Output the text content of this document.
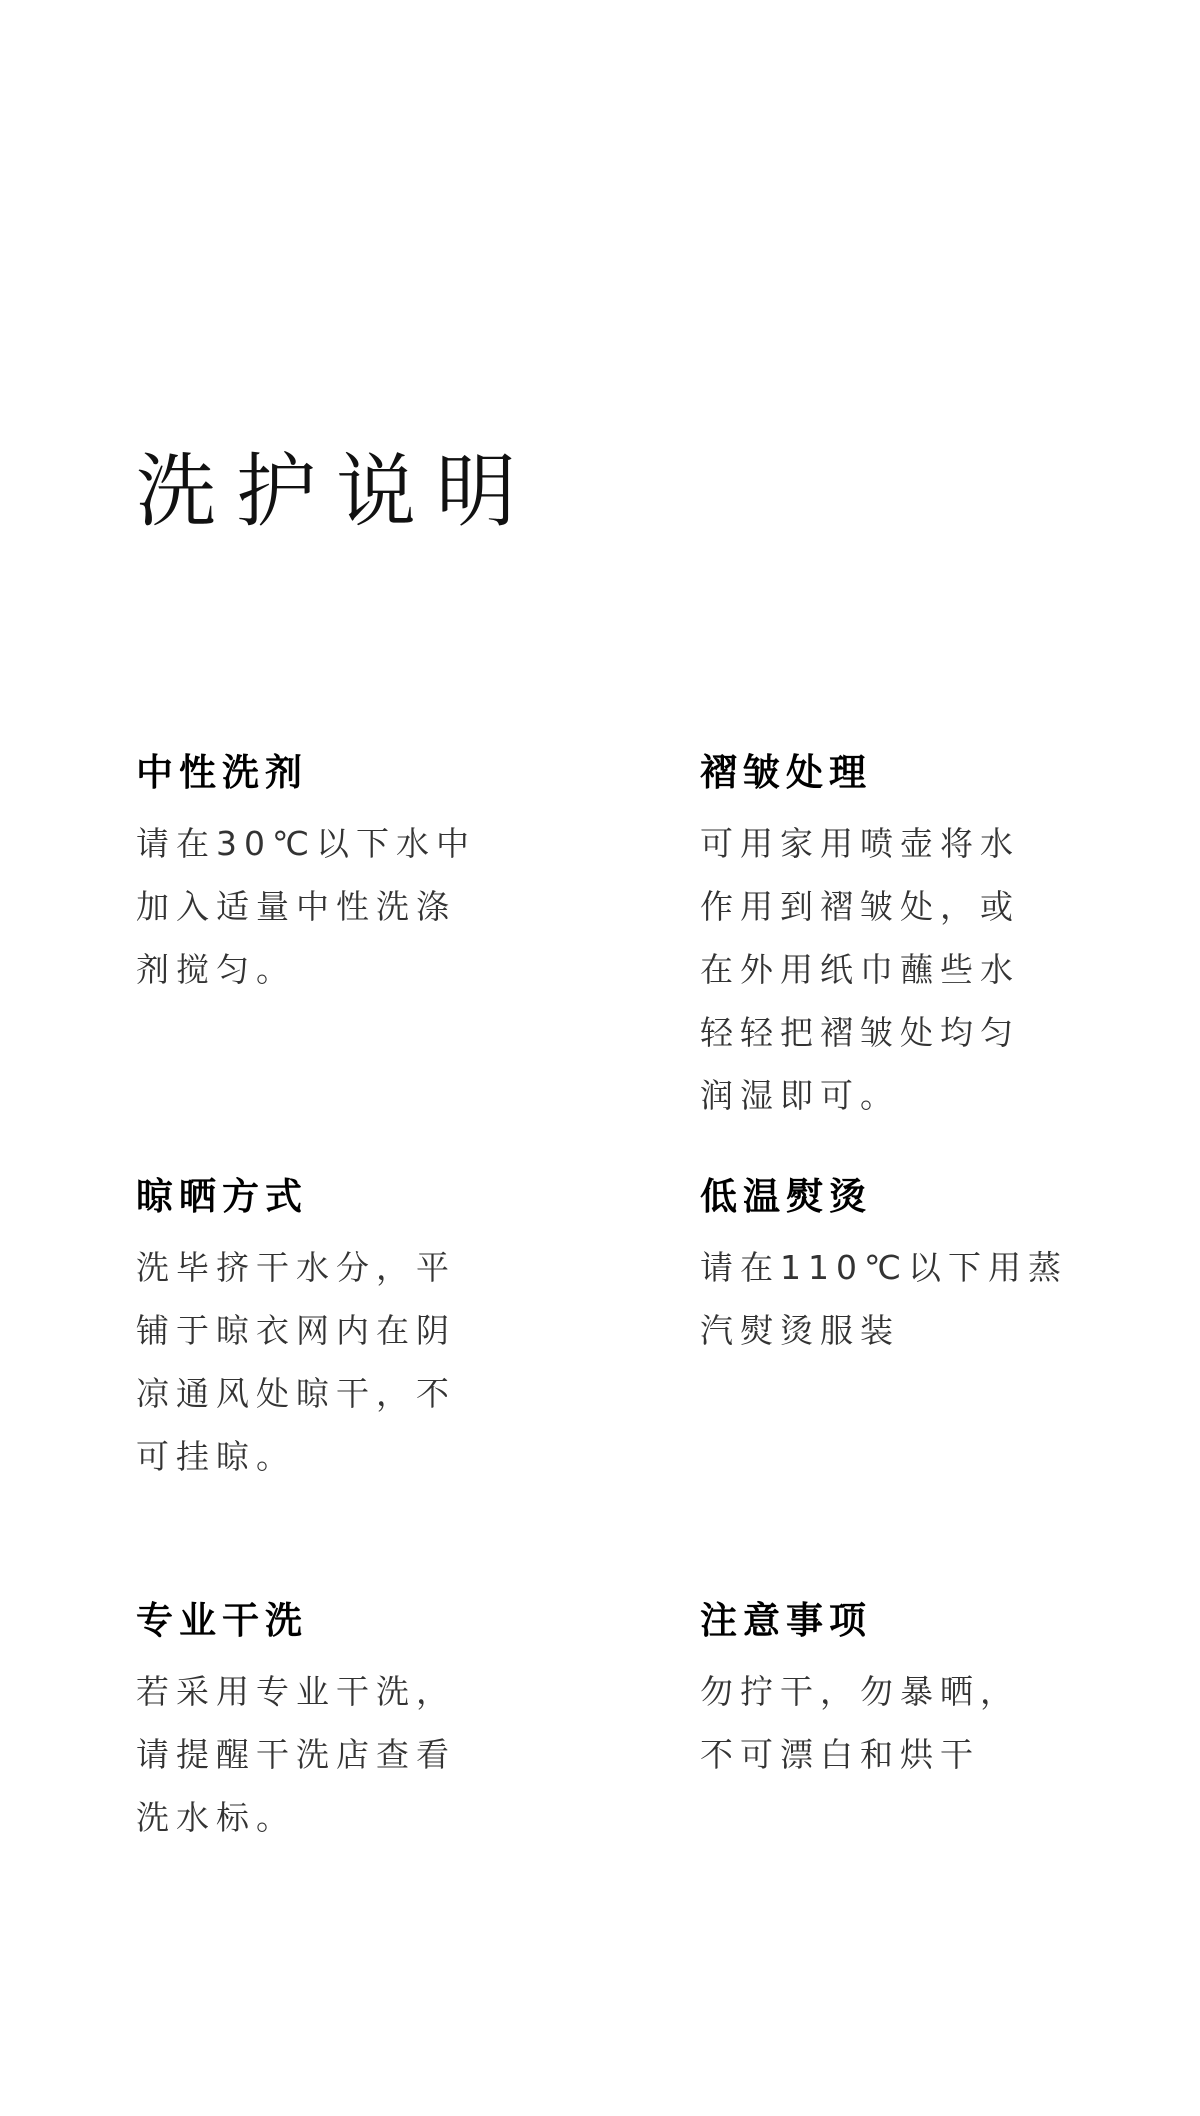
洗护说明
中性洗剂

请在30℃以下水中
加入适量中性洗涤
剂搅匀。

褶皱处理

可用家用喷壶将水
作用到褶皱处，或
在外用纸巾蘸些水
轻轻把褶皱处均匀
润湿即可。

晾晒方式

洗毕挤干水分，平
铺于晾衣网内在阴
凉通风处晾干，不
可挂晾。

低温熨烫

请在110℃以下用蒸
汽熨烫服装

专业干洗

若采用专业干洗，
请提醒干洗店查看
洗水标。

注意事项

勿拧干，勿暴晒，
不可漂白和烘干
